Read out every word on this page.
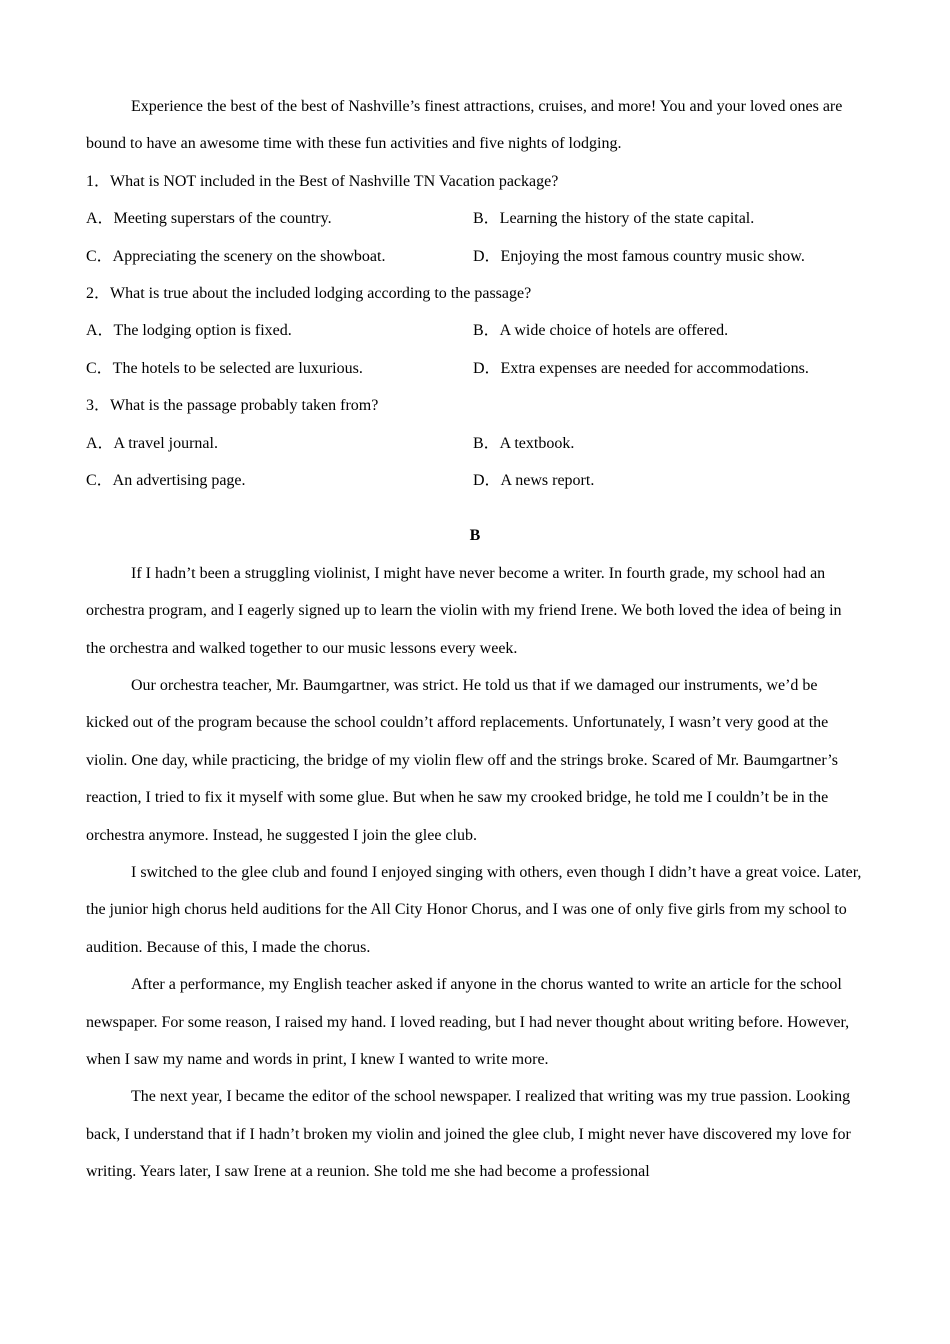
Experience the best of the best of Nashville’s finest attractions, cruises, and more! You and your loved ones are bound to have an awesome time with these fun activities and five nights of lodging.

1．What is NOT included in the Best of Nashville TN Vacation package?
A．Meeting superstars of the country.	B．Learning the history of the state capital.
C．Appreciating the scenery on the showboat.	D．Enjoying the most famous country music show.
2．What is true about the included lodging according to the passage?
A．The lodging option is fixed.	B．A wide choice of hotels are offered.
C．The hotels to be selected are luxurious.	D．Extra expenses are needed for accommodations.
3．What is the passage probably taken from?
A．A travel journal.	B．A textbook.
C．An advertising page.	D．A news report.
B

If I hadn’t been a struggling violinist, I might have never become a writer. In fourth grade, my school had an orchestra program, and I eagerly signed up to learn the violin with my friend Irene. We both loved the idea of being in the orchestra and walked together to our music lessons every week.

Our orchestra teacher, Mr. Baumgartner, was strict. He told us that if we damaged our instruments, we’d be kicked out of the program because the school couldn’t afford replacements. Unfortunately, I wasn’t very good at the violin. One day, while practicing, the bridge of my violin flew off and the strings broke. Scared of Mr. Baumgartner’s reaction, I tried to fix it myself with some glue. But when he saw my crooked bridge, he told me I couldn’t be in the orchestra anymore. Instead, he suggested I join the glee club.

I switched to the glee club and found I enjoyed singing with others, even though I didn’t have a great voice. Later, the junior high chorus held auditions for the All City Honor Chorus, and I was one of only five girls from my school to audition. Because of this, I made the chorus.

After a performance, my English teacher asked if anyone in the chorus wanted to write an article for the school newspaper. For some reason, I raised my hand. I loved reading, but I had never thought about writing before. However, when I saw my name and words in print, I knew I wanted to write more.

The next year, I became the editor of the school newspaper. I realized that writing was my true passion. Looking back, I understand that if I hadn’t broken my violin and joined the glee club, I might never have discovered my love for writing. Years later, I saw Irene at a reunion. She told me she had become a professional
